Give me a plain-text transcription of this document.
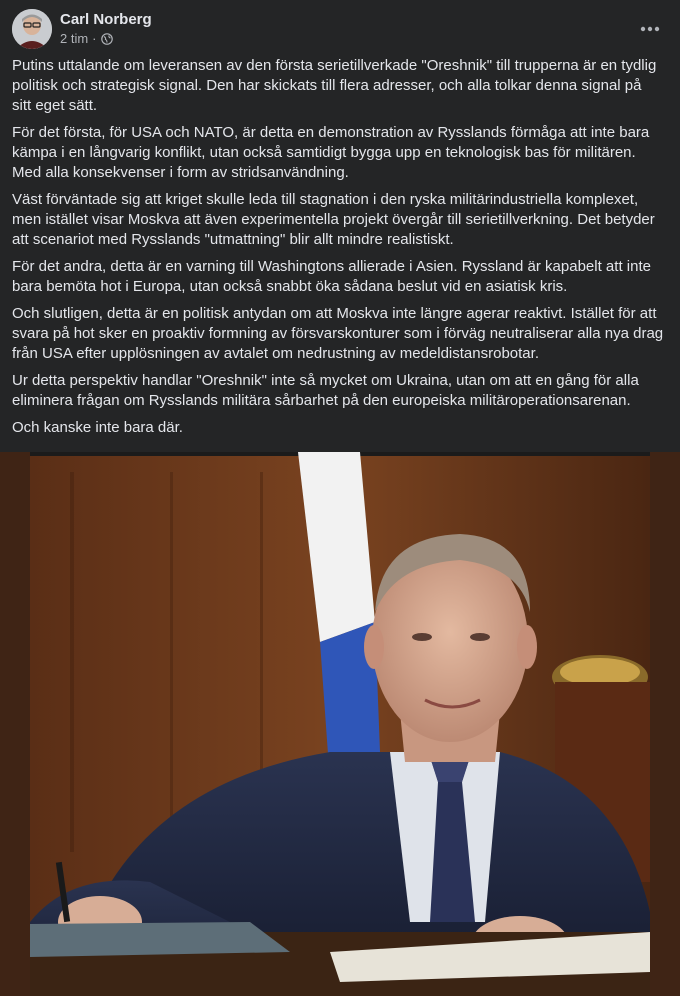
Carl Norberg
2 tim ·

Putins uttalande om leveransen av den första serietillverkade "Oreshnik" till trupperna är en tydlig politisk och strategisk signal. Den har skickats till flera adresser, och alla tolkar denna signal på sitt eget sätt.

För det första, för USA och NATO, är detta en demonstration av Rysslands förmåga att inte bara kämpa i en långvarig konflikt, utan också samtidigt bygga upp en teknologisk bas för militären. Med alla konsekvenser i form av stridsanvändning.

Väst förväntade sig att kriget skulle leda till stagnation i den ryska militärindustriella komplexet, men istället visar Moskva att även experimentella projekt övergår till serietillverkning. Det betyder att scenariot med Rysslands "utmattning" blir allt mindre realistiskt.

För det andra, detta är en varning till Washingtons allierade i Asien. Ryssland är kapabelt att inte bara bemöta hot i Europa, utan också snabbt öka sådana beslut vid en asiatisk kris.

Och slutligen, detta är en politisk antydan om att Moskva inte längre agerar reaktivt. Istället för att svara på hot sker en proaktiv formning av försvarskonturer som i förväg neutraliserar alla nya drag från USA efter upplösningen av avtalet om nedrustning av medeldistansrobotar.

Ur detta perspektiv handlar "Oreshnik" inte så mycket om Ukraina, utan om att en gång för alla eliminera frågan om Rysslands militära sårbarhet på den europeiska militäroperationsarenan.

Och kanske inte bara där.
